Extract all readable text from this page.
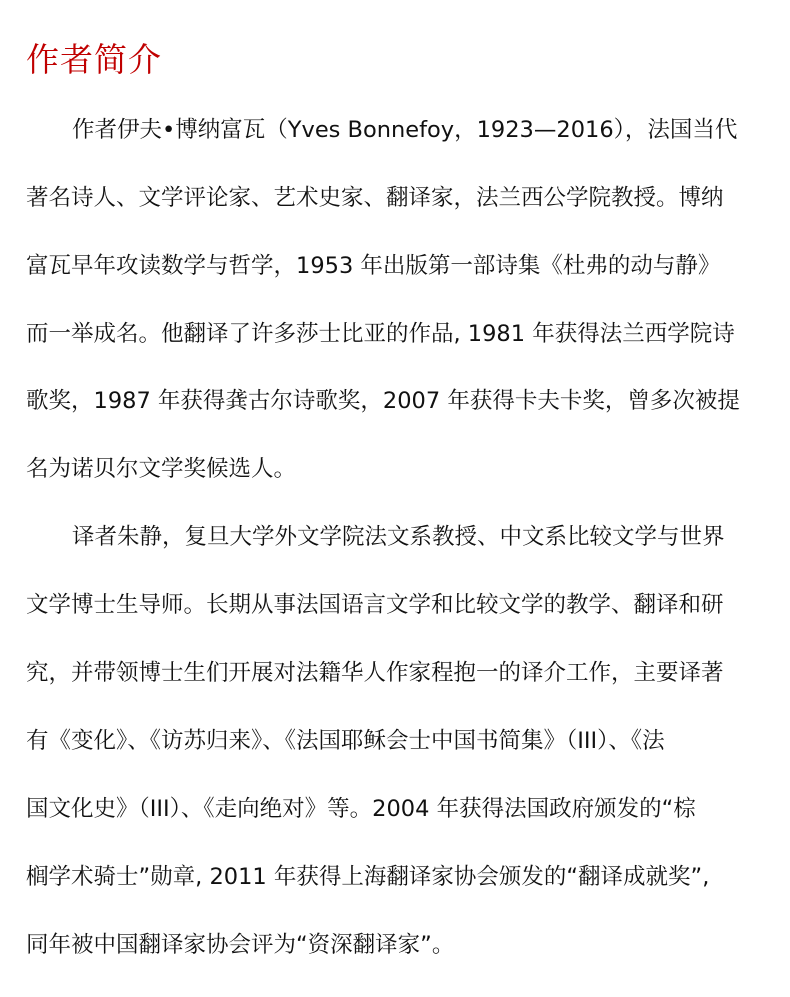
作者简介
作者伊夫•博纳富瓦（Yves Bonnefoy，1923—2016），法国当代
著名诗人、文学评论家、艺术史家、翻译家，法兰西公学院教授。博纳
富瓦早年攻读数学与哲学，1953 年出版第一部诗集《杜弗的动与静》
而一举成名。他翻译了许多莎士比亚的作品, 1981 年获得法兰西学院诗
歌奖，1987 年获得龚古尔诗歌奖，2007 年获得卡夫卡奖，曾多次被提
名为诺贝尔文学奖候选人。
译者朱静，复旦大学外文学院法文系教授、中文系比较文学与世界
文学博士生导师。长期从事法国语言文学和比较文学的教学、翻译和研
究，并带领博士生们开展对法籍华人作家程抱一的译介工作，主要译著
有《变化》、《访苏归来》、《法国耶稣会士中国书简集》（III）、《法
国文化史》（III）、《走向绝对》等。2004 年获得法国政府颁发的“棕
榈学术骑士”勋章, 2011 年获得上海翻译家协会颁发的“翻译成就奖”,
同年被中国翻译家协会评为“资深翻译家”。
